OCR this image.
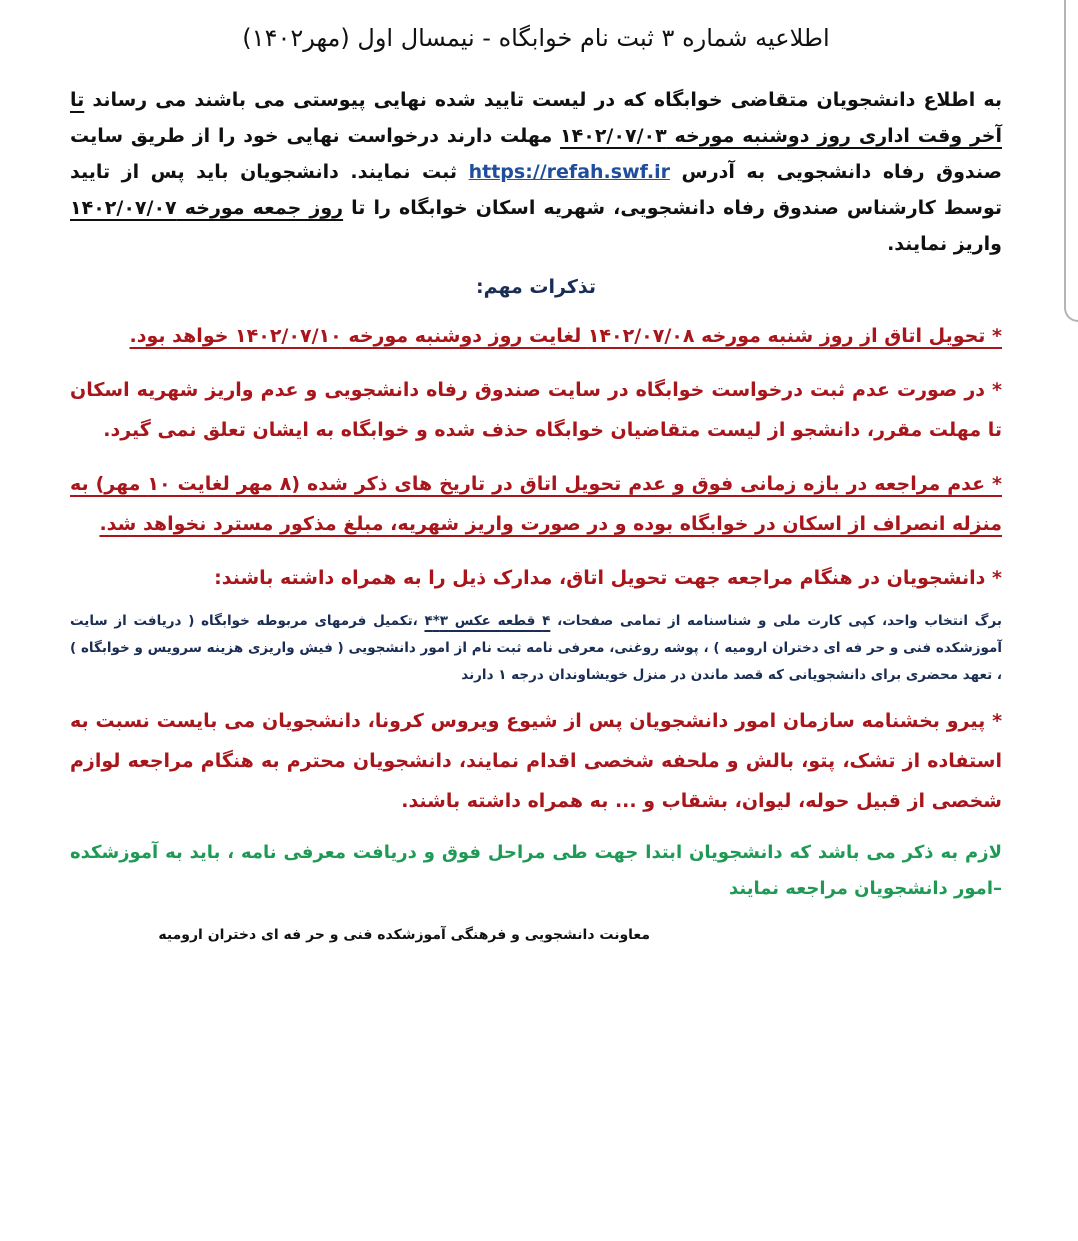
اطلاعیه شماره ۳ ثبت نام خوابگاه - نیمسال اول (مهر۱۴۰۲)

به اطلاع دانشجویان متقاضی خوابگاه که در لیست تایید شده نهایی پیوستی می باشند می رساند تا آخر وقت اداری روز دوشنبه مورخه ۱۴۰۲/۰۷/۰۳ مهلت دارند درخواست نهایی خود را از طریق سایت صندوق رفاه دانشجویی به آدرس https://refah.swf.ir ثبت نمایند. دانشجویان باید پس از تایید توسط کارشناس صندوق رفاه دانشجویی، شهریه اسکان خوابگاه را تا روز جمعه مورخه ۱۴۰۲/۰۷/۰۷ واریز نمایند.

تذکرات مهم:

* تحویل اتاق از روز شنبه مورخه ۱۴۰۲/۰۷/۰۸ لغایت روز دوشنبه مورخه ۱۴۰۲/۰۷/۱۰ خواهد بود.

* در صورت عدم ثبت درخواست خوابگاه در سایت صندوق رفاه دانشجویی و عدم واریز شهریه اسکان تا مهلت مقرر، دانشجو از لیست متقاضیان خوابگاه حذف شده و خوابگاه به ایشان تعلق نمی گیرد.

* عدم مراجعه در بازه زمانی فوق و عدم تحویل اتاق در تاریخ های ذکر شده (۸ مهر لغایت ۱۰ مهر) به منزله انصراف از اسکان در خوابگاه بوده و در صورت واریز شهریه، مبلغ مذکور مسترد نخواهد شد.

* دانشجویان در هنگام مراجعه جهت تحویل اتاق، مدارک ذیل را به همراه داشته باشند:

برگ انتخاب واحد، کپی کارت ملی و شناسنامه از تمامی صفحات، ۴ قطعه عکس ۳*۴ ،تکمیل فرمهای مربوطه خوابگاه ( دریافت از سایت آموزشکده فنی و حر فه ای دختران ارومیه ) ، پوشه روغنی، معرفی نامه ثبت نام از امور دانشجویی ( فیش واریزی هزینه سرویس و خوابگاه ) ، تعهد محضری برای دانشجویانی که قصد ماندن در منزل خویشاوندان درجه ۱ دارند

* پیرو بخشنامه سازمان امور دانشجویان پس از شیوع ویروس کرونا، دانشجویان می بایست نسبت به استفاده از تشک، پتو، بالش و ملحفه شخصی اقدام نمایند، دانشجویان محترم به هنگام مراجعه لوازم شخصی از قبیل حوله، لیوان، بشقاب و ... به همراه داشته باشند.

لازم به ذکر می باشد که دانشجویان ابتدا جهت طی مراحل فوق و دریافت معرفی نامه ، باید به آموزشکده –امور دانشجویان مراجعه نمایند

معاونت دانشجویی و فرهنگی آموزشکده فنی و حر فه ای دختران ارومیه
